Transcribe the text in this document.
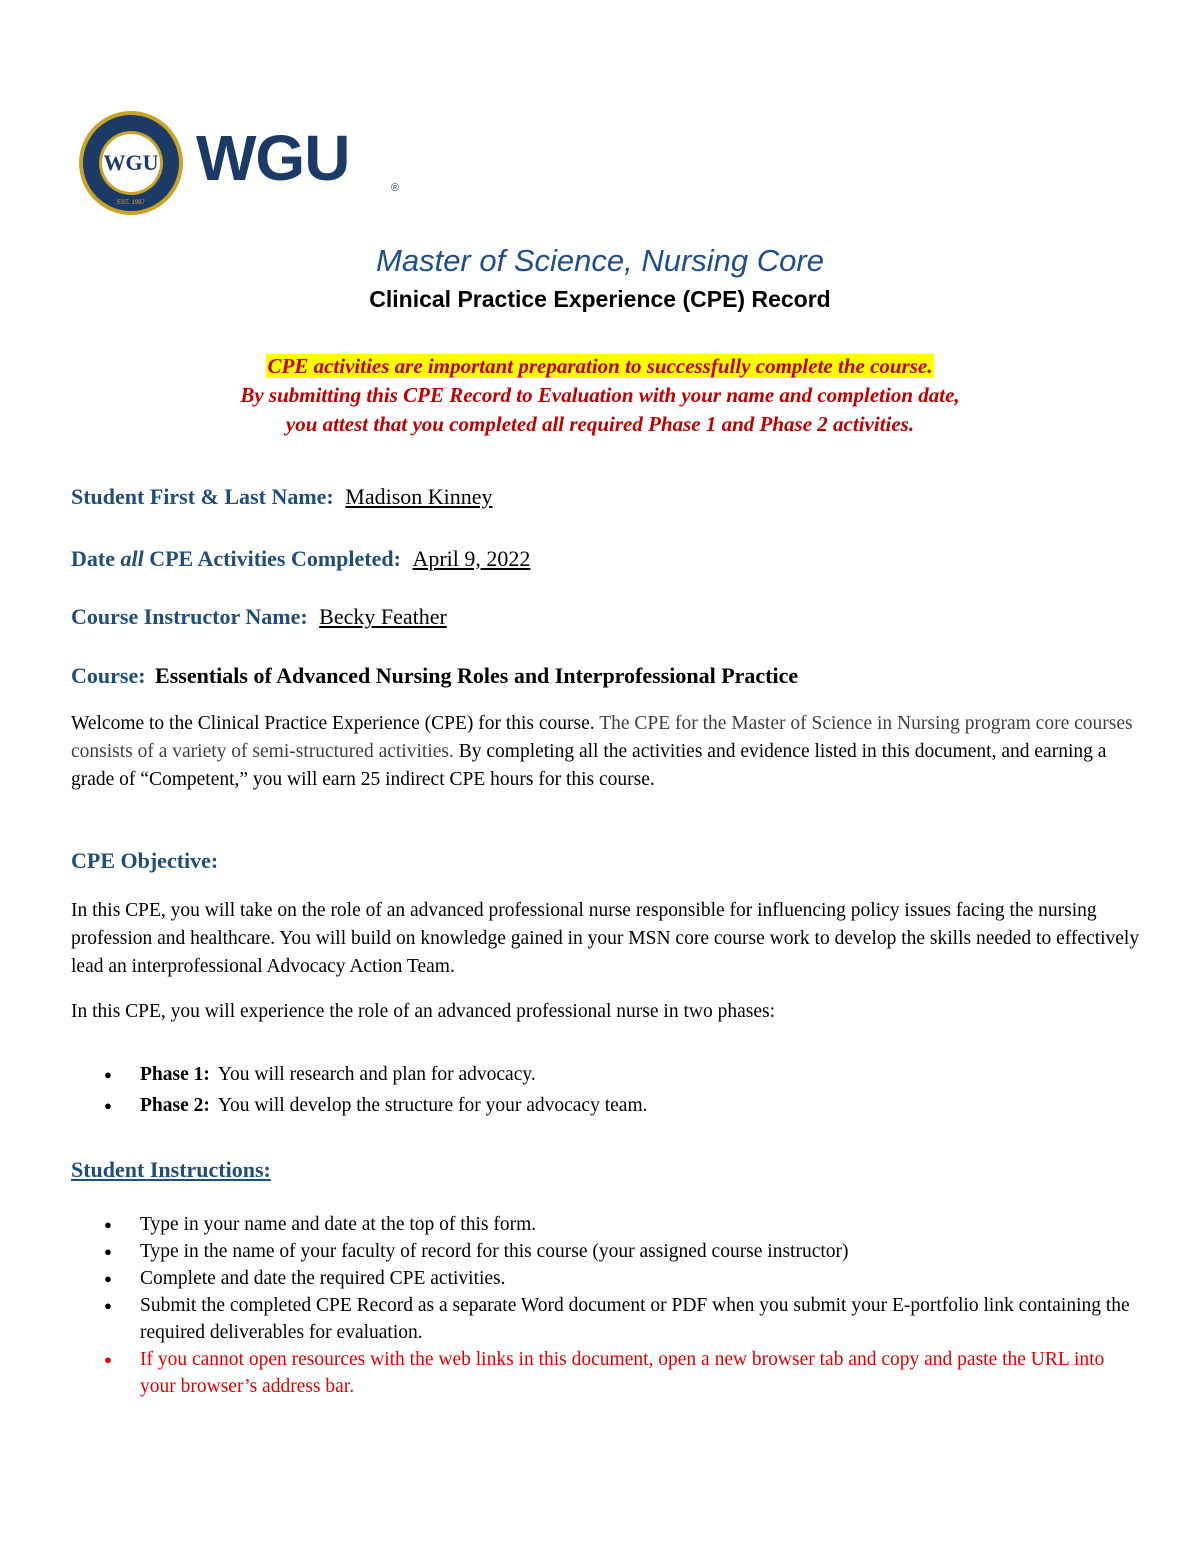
WGU
EST. 1997
WGU	®
Master of Science, Nursing Core
Clinical Practice Experience (CPE) Record
CPE activities are important preparation to successfully complete the course.
By submitting this CPE Record to Evaluation with your name and completion date,
you attest that you completed all required Phase 1 and Phase 2 activities.
Student First & Last Name: Madison Kinney
Date all CPE Activities Completed: April 9, 2022
Course Instructor Name: Becky Feather
Course: Essentials of Advanced Nursing Roles and Interprofessional Practice
Welcome to the Clinical Practice Experience (CPE) for this course. The CPE for the Master of Science in Nursing program core courses consists of a variety of semi-structured activities. By completing all the activities and evidence listed in this document, and earning a grade of “Competent,” you will earn 25 indirect CPE hours for this course.
CPE Objective:
In this CPE, you will take on the role of an advanced professional nurse responsible for influencing policy issues facing the nursing profession and healthcare. You will build on knowledge gained in your MSN core course work to develop the skills needed to effectively lead an interprofessional Advocacy Action Team.
In this CPE, you will experience the role of an advanced professional nurse in two phases:
● Phase 1: You will research and plan for advocacy.
● Phase 2: You will develop the structure for your advocacy team.
Student Instructions:
● Type in your name and date at the top of this form.
● Type in the name of your faculty of record for this course (your assigned course instructor)
● Complete and date the required CPE activities.
● Submit the completed CPE Record as a separate Word document or PDF when you submit your E-portfolio link containing the required deliverables for evaluation.
● If you cannot open resources with the web links in this document, open a new browser tab and copy and paste the URL into your browser’s address bar.
